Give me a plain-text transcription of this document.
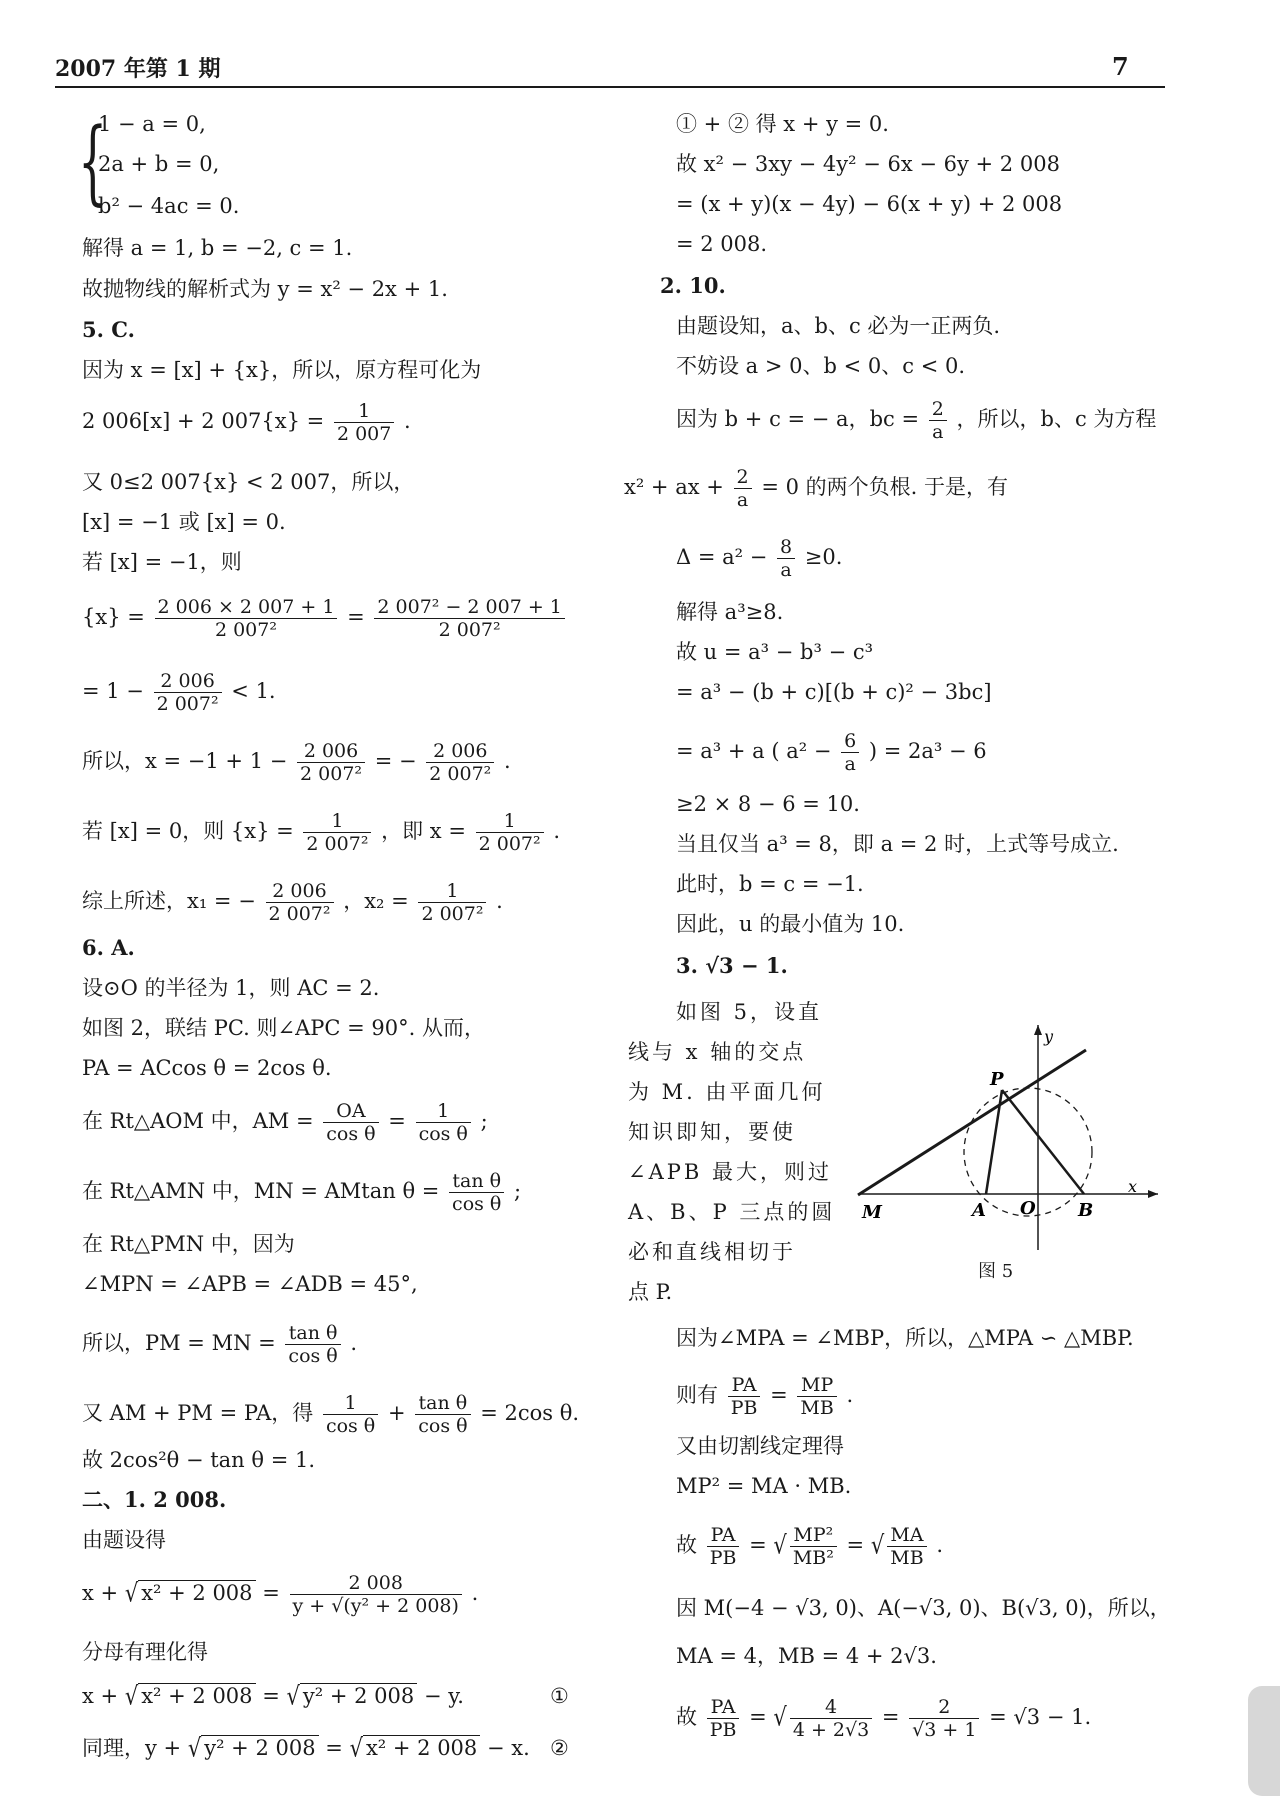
2007 年第 1 期	7
{
1 − a = 0,
2a + b = 0,
b² − 4ac = 0.
解得 a = 1, b = −2, c = 1.
故抛物线的解析式为 y = x² − 2x + 1.
5. C.
因为 x = [x] + {x}，所以，原方程可化为
2 006[x] + 2 $007\{x\} = \frac{1}{2 007}$ .
又 0≤2 007{x} < 2 007，所以，
[x] = −1 或 [x] = 0.
若 [x] = −1，则
$\{x\} = \frac{2 006 \times 2 007 + 1}{\text{2 007²}} = \frac{\text{2 007² − 2 007 + 1}}{\text{2 007²}}$
= $1 - \frac{2 006}{\text{2 007²}} < 1$.
所以，$x = -1 + 1 - \frac{2 006}{\text{2 007²}}$ = − $\frac{2 006}{\text{2 007²}}$ .
若 [x] = 0，则 $\{x\} = \frac{1}{\text{2 007²}}$ ，即 $x = \frac{1}{\text{2 007²}}$ .
综上所述，x₁ = − $\frac{2 006}{\text{2 007²}}$ ，$x_2 = \frac{1}{\text{2 007²}}$ .
6. A.
设⊙O 的半径为 1，则 AC = 2.
如图 2，联结 PC. 则∠APC = 90°. 从而，
PA = ACcos θ = 2cos θ.
在 Rt△AOM 中，AM = $\frac{OA}{\text{cos θ}} = \frac{1}{\text{cos θ}}$ ;
在 Rt△AMN 中，MN = AMtan $\theta = \frac{\text{tan θ}}{\text{cos θ}}$ ;
在 Rt△PMN 中，因为
∠MPN = ∠APB = ∠ADB = 45°,
所以，PM = MN = $\frac{\text{tan θ}}{\text{cos θ}}$ .
又 AM + PM = PA，得 $\frac{1}{\text{cos θ}} + \frac{\text{tan θ}}{\text{cos θ}} = 2\cos$ θ.
故 2cos²θ − tan θ = 1.
二、1. 2 008.
由题设得
x + √ x² + 2 $008 = \frac{2 008}{\text{y + √(y² + 2 008)}}$ .
分母有理化得
x + √ x² + 2 008 = √ y² + 2 008 − y.	①
同理，y + √ y² + 2 008 = √ x² + 2 008 − x. ②
① + ② 得 x + y = 0.
故 x² − 3xy − 4y² − 6x − 6y + 2 008
= (x + y)(x − 4y) − 6(x + y) + 2 008
= 2 008.
2. 10.
由题设知，a、b、c 必为一正两负.
不妨设 a > 0、b < 0、c < 0.
因为 b + c = − a，bc = $\frac{2}{a}$ ，所以，b、c 为方程
x² + ax + $\frac{2}{a} = 0$ 的两个负根. 于是，有
$\Delta = a^2 - \frac{8}{a} \ge 0$.
解得 a³≥8.
故 u = a³ − b³ − c³
= a³ − (b + c)[(b + c)² − 3bc]
= a³ + a ( $a^2 - \frac{6}{a}$ ) = 2a³ − 6
≥2 × 8 − 6 = 10.
当且仅当 a³ = 8，即 a = 2 时，上式等号成立.
此时，b = c = −1.
因此，u 的最小值为 10.
3. √3 − 1.
如图 5，设直
线与 x 轴的交点
为 M. 由平面几何
知识即知，要使
∠APB 最大，则过
A、B、P 三点的圆
必和直线相切于
点 P.
y
x
P
M	A O B
图 5
因为∠MPA = ∠MBP，所以，△MPA ∽ △MBP.
则有 $\frac{PA}{PB} = \frac{MP}{MB}$ .
又由切割线定理得
MP² = MA · MB.
故 $\frac{PA}{PB}$ = √ $\frac{\text{MP²}}{\text{MB²}}$ = √ $\frac{MA}{MB}$ .
因 M(−4 − √3, 0)、A(−√3, 0)、B(√3, 0)，所以，
MA = 4，MB = 4 + 2√3.
故 $\frac{PA}{PB}$ = √ $\frac{4}{4 + 2√3} = \frac{2}{√3 + 1} = √3 - 1$.
